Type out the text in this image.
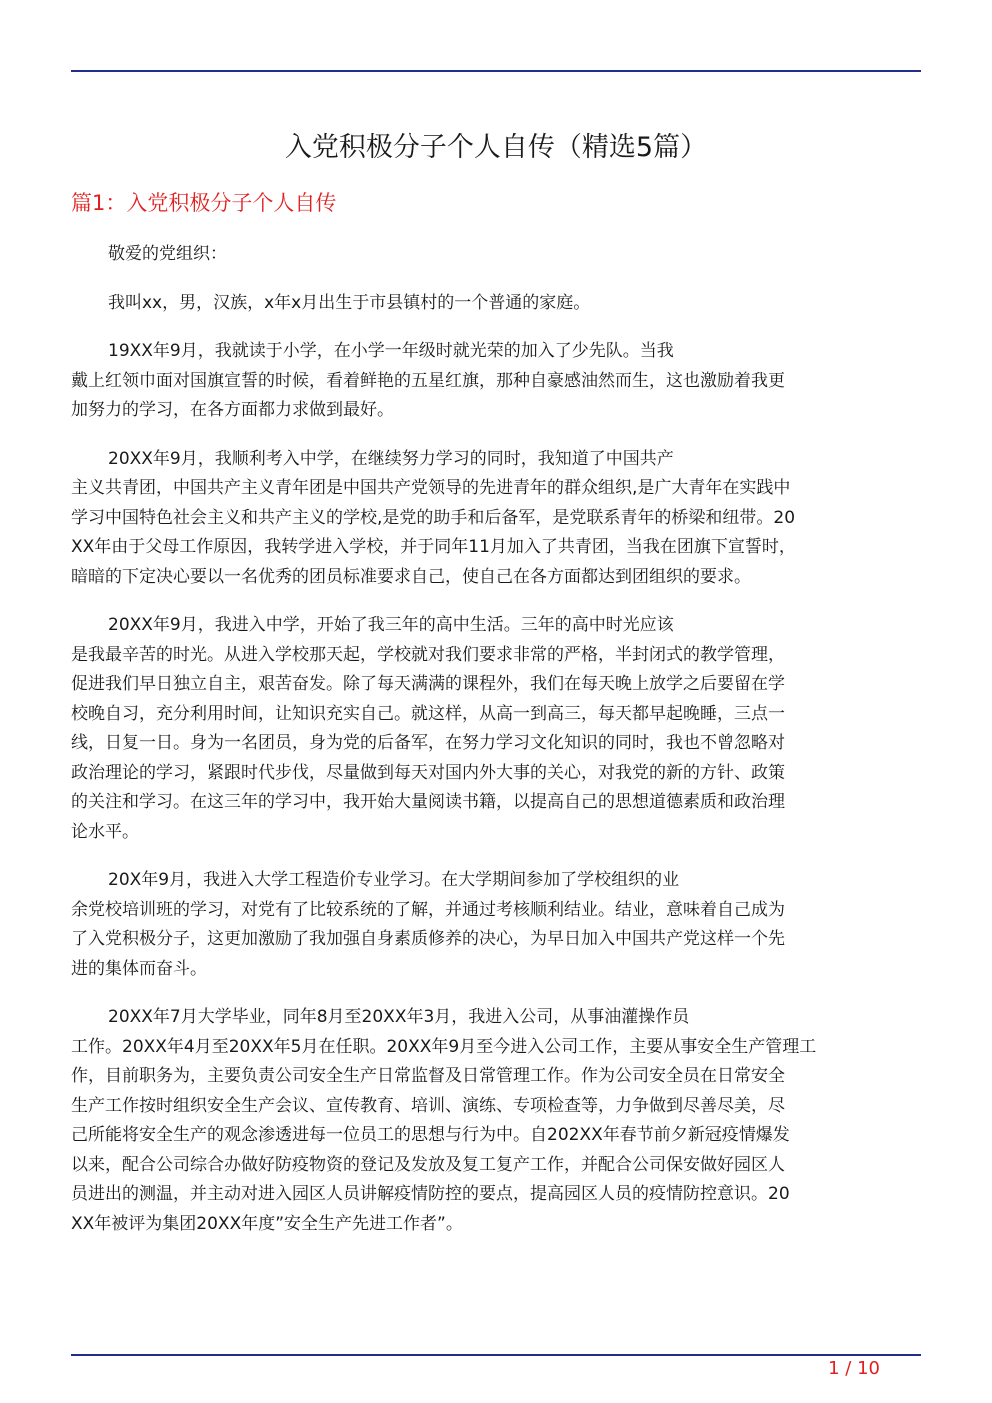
入党积极分子个人自传（精选5篇）
篇1：入党积极分子个人自传
敬爱的党组织：
我叫xx，男，汉族，x年x月出生于市县镇村的一个普通的家庭。
19XX年9月，我就读于小学，在小学一年级时就光荣的加入了少先队。当我
戴上红领巾面对国旗宣誓的时候，看着鲜艳的五星红旗，那种自豪感油然而生，这也激励着我更
加努力的学习，在各方面都力求做到最好。
20XX年9月，我顺利考入中学，在继续努力学习的同时，我知道了中国共产
主义共青团，中国共产主义青年团是中国共产党领导的先进青年的群众组织,是广大青年在实践中
学习中国特色社会主义和共产主义的学校,是党的助手和后备军，是党联系青年的桥梁和纽带。20
XX年由于父母工作原因，我转学进入学校，并于同年11月加入了共青团，当我在团旗下宣誓时，
暗暗的下定决心要以一名优秀的团员标准要求自己，使自己在各方面都达到团组织的要求。
20XX年9月，我进入中学，开始了我三年的高中生活。三年的高中时光应该
是我最辛苦的时光。从进入学校那天起，学校就对我们要求非常的严格，半封闭式的教学管理，
促进我们早日独立自主，艰苦奋发。除了每天满满的课程外，我们在每天晚上放学之后要留在学
校晚自习，充分利用时间，让知识充实自己。就这样，从高一到高三，每天都早起晚睡，三点一
线，日复一日。身为一名团员，身为党的后备军，在努力学习文化知识的同时，我也不曾忽略对
政治理论的学习，紧跟时代步伐，尽量做到每天对国内外大事的关心，对我党的新的方针、政策
的关注和学习。在这三年的学习中，我开始大量阅读书籍，以提高自己的思想道德素质和政治理
论水平。
20X年9月，我进入大学工程造价专业学习。在大学期间参加了学校组织的业
余党校培训班的学习，对党有了比较系统的了解，并通过考核顺利结业。结业，意味着自己成为
了入党积极分子，这更加激励了我加强自身素质修养的决心，为早日加入中国共产党这样一个先
进的集体而奋斗。
20XX年7月大学毕业，同年8月至20XX年3月，我进入公司，从事油灌操作员
工作。20XX年4月至20XX年5月在任职。20XX年9月至今进入公司工作，主要从事安全生产管理工
作，目前职务为，主要负责公司安全生产日常监督及日常管理工作。作为公司安全员在日常安全
生产工作按时组织安全生产会议、宣传教育、培训、演练、专项检查等，力争做到尽善尽美，尽
己所能将安全生产的观念渗透进每一位员工的思想与行为中。自202XX年春节前夕新冠疫情爆发
以来，配合公司综合办做好防疫物资的登记及发放及复工复产工作，并配合公司保安做好园区人
员进出的测温，并主动对进入园区人员讲解疫情防控的要点，提高园区人员的疫情防控意识。20
XX年被评为集团20XX年度”安全生产先进工作者”。
1 / 10
